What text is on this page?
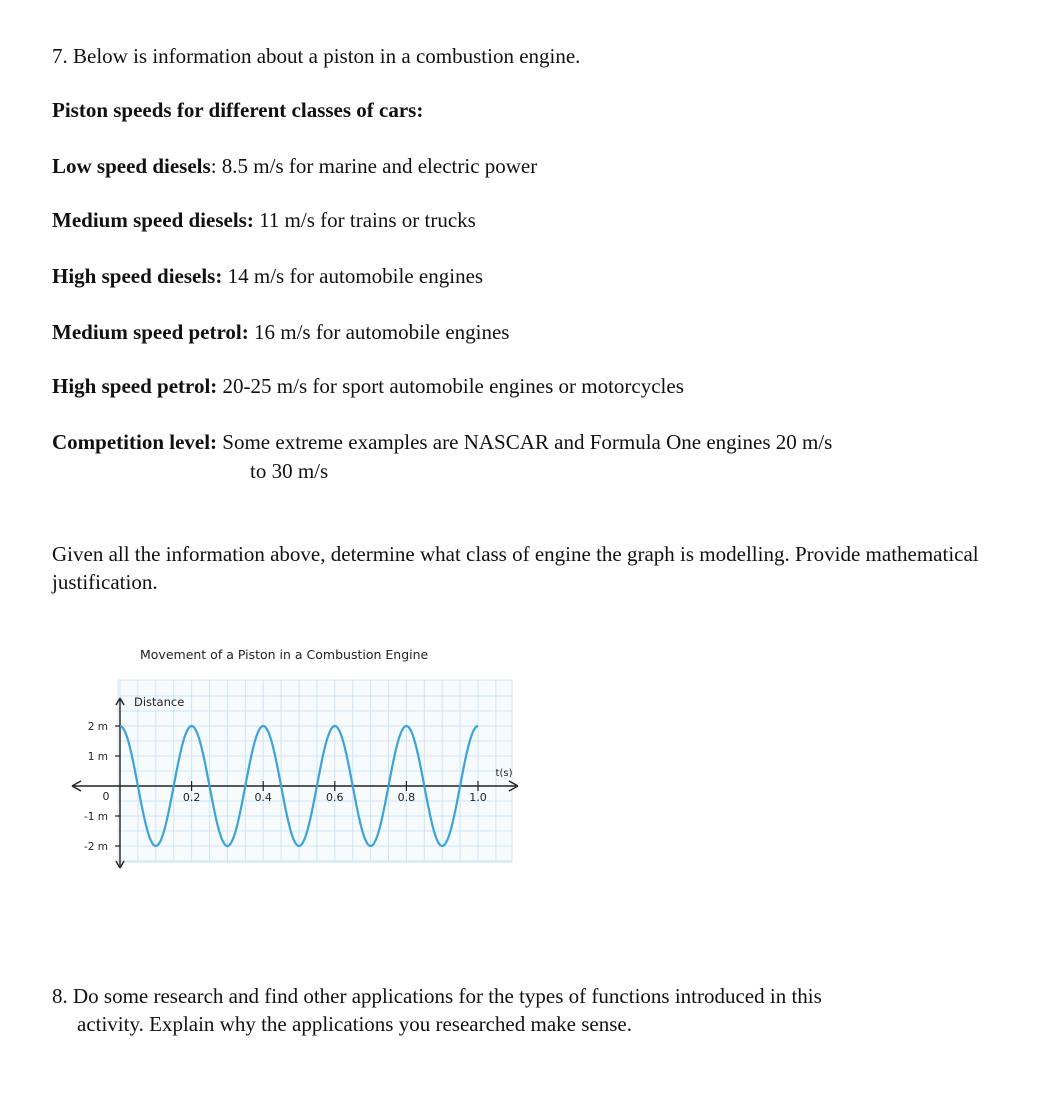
7. Below is information about a piston in a combustion engine.
Piston speeds for different classes of cars:
Low speed diesels: 8.5 m/s for marine and electric power
Medium speed diesels: 11 m/s for trains or trucks
High speed diesels: 14 m/s for automobile engines
Medium speed petrol: 16 m/s for automobile engines
High speed petrol: 20-25 m/s for sport automobile engines or motorcycles
Competition level: Some extreme examples are NASCAR and Formula One engines 20 m/s
to 30 m/s
Given all the information above, determine what class of engine the graph is modelling. Provide mathematical justification.
Movement of a Piston in a Combustion Engine
2 m
1 m
-1 m
-2 m
0.2	0.4	0.6	0.8	1.0
0
Distance
t(s)
8. Do some research and find other applications for the types of functions introduced in this
activity. Explain why the applications you researched make sense.
